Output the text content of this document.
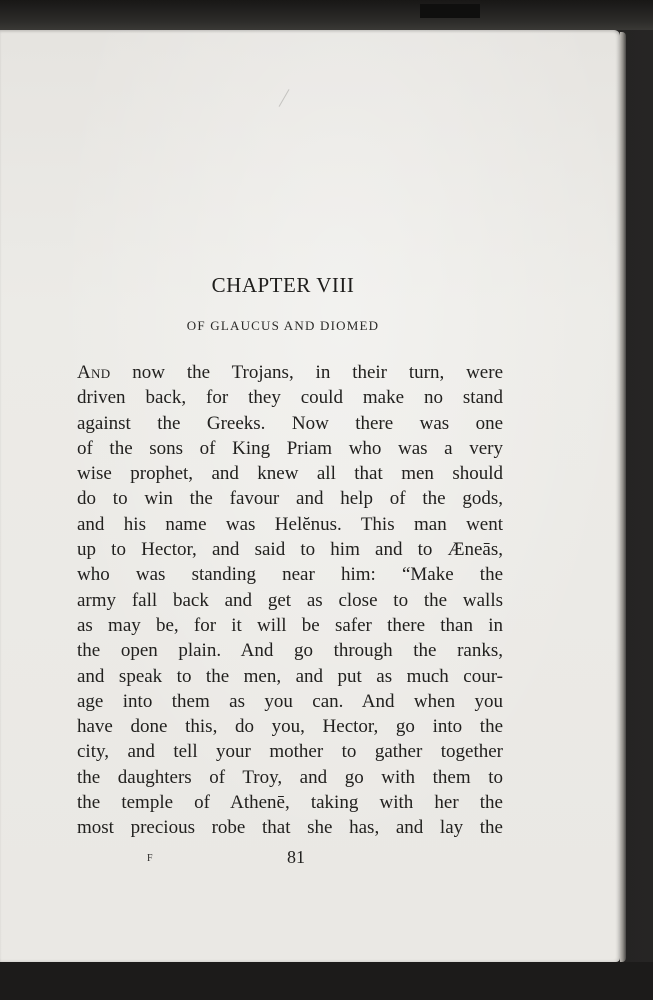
CHAPTER VIII
OF GLAUCUS AND DIOMED
And now the Trojans, in their turn, were
driven back, for they could make no stand
against the Greeks. Now there was one
of the sons of King Priam who was a very
wise prophet, and knew all that men should
do to win the favour and help of the gods,
and his name was Helĕnus. This man went
up to Hector, and said to him and to Æneās,
who was standing near him: “Make the
army fall back and get as close to the walls
as may be, for it will be safer there than in
the open plain. And go through the ranks,
and speak to the men, and put as much cour-
age into them as you can. And when you
have done this, do you, Hector, go into the
city, and tell your mother to gather together
the daughters of Troy, and go with them to
the temple of Athenē, taking with her the
most precious robe that she has, and lay the
F	81
